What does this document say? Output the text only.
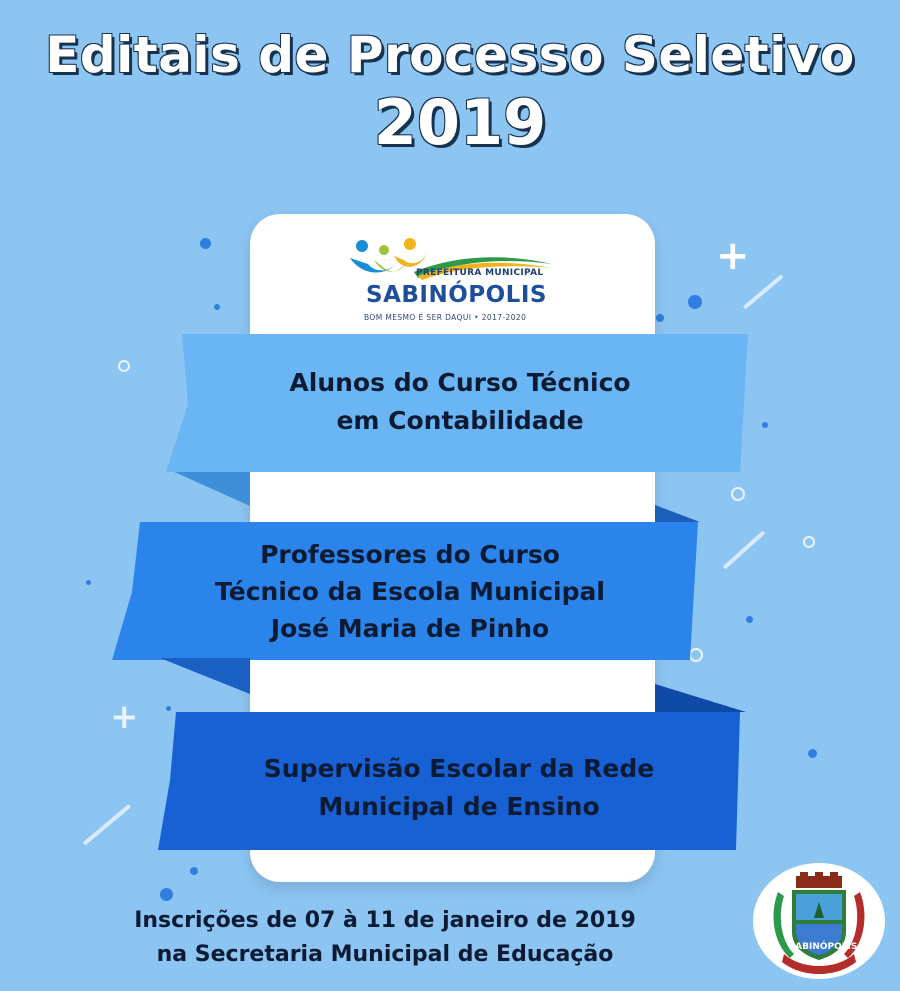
Editais de Processo Seletivo
2019
+
+
PREFEITURA MUNICIPAL
SABINÓPOLIS
BOM MESMO É SER DAQUI • 2017-2020

Alunos do Curso Técnico
em Contabilidade

Professores do Curso
Técnico da Escola Municipal
José Maria de Pinho

Supervisão Escolar da Rede
Municipal de Ensino

Inscrições de 07 à 11 de janeiro de 2019
na Secretaria Municipal de Educação	SABINÓPOLIS
